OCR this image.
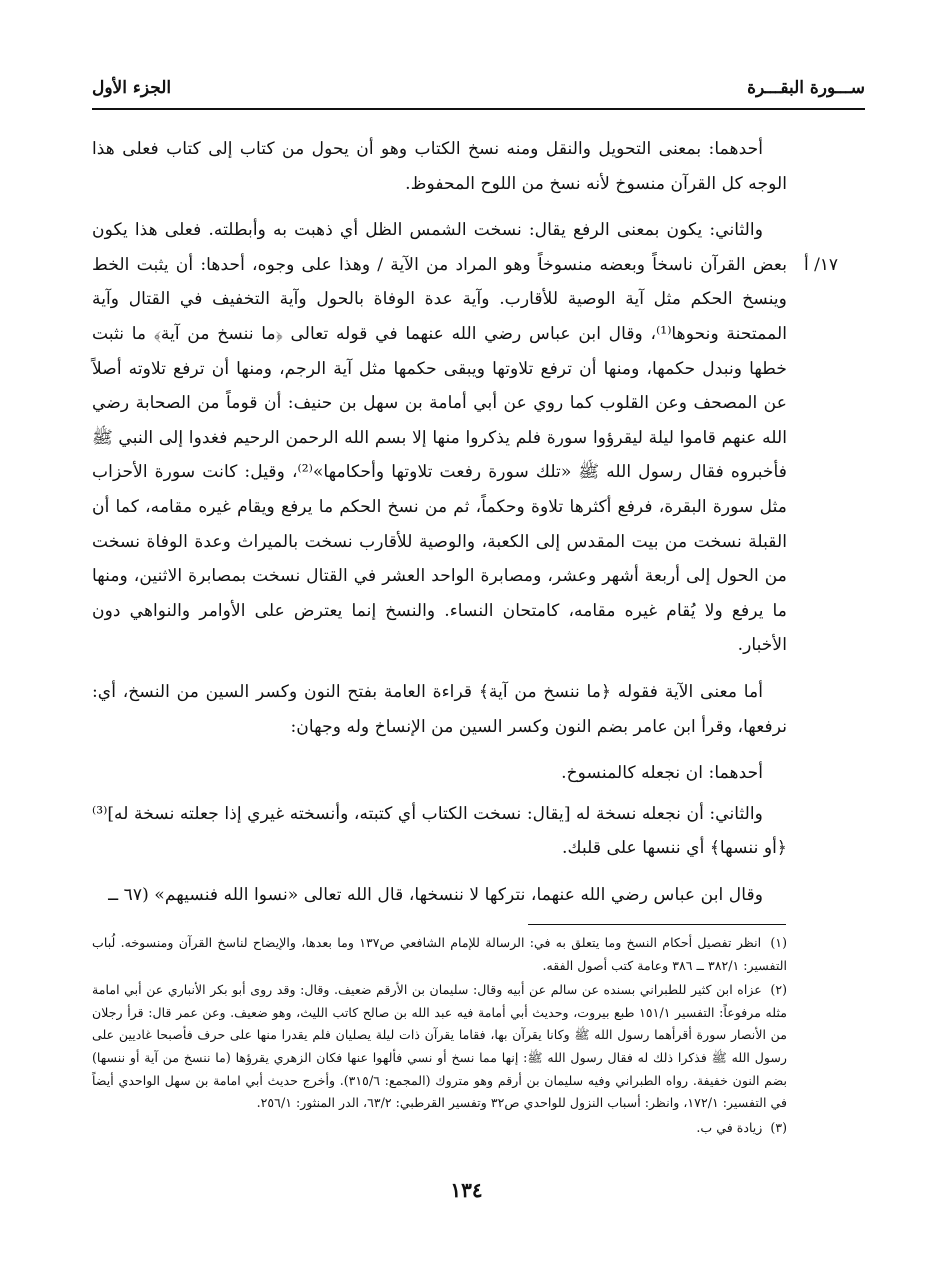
ســـورة البقـــرة
الجزء الأول
١٧/ أ

أحدهما: بمعنى التحويل والنقل ومنه نسخ الكتاب وهو أن يحول من كتاب إلى كتاب فعلى هذا الوجه كل القرآن منسوخ لأنه نسخ من اللوح المحفوظ.

والثاني: يكون بمعنى الرفع يقال: نسخت الشمس الظل أي ذهبت به وأبطلته. فعلى هذا يكون بعض القرآن ناسخاً وبعضه منسوخاً وهو المراد من الآية / وهذا على وجوه، أحدها: أن يثبت الخط وينسخ الحكم مثل آية الوصية للأقارب. وآية عدة الوفاة بالحول وآية التخفيف في القتال وآية الممتحنة ونحوها⁽¹⁾، وقال ابن عباس رضي الله عنهما في قوله تعالى ﴿ما ننسخ من آية﴾ ما نثبت خطها ونبدل حكمها، ومنها أن ترفع تلاوتها ويبقى حكمها مثل آية الرجم، ومنها أن ترفع تلاوته أصلاً عن المصحف وعن القلوب كما روي عن أبي أمامة بن سهل بن حنيف: أن قوماً من الصحابة رضي الله عنهم قاموا ليلة ليقرؤوا سورة فلم يذكروا منها إلا بسم الله الرحمن الرحيم فغدوا إلى النبي ﷺ فأخبروه فقال رسول الله ﷺ «تلك سورة رفعت تلاوتها وأحكامها»⁽²⁾، وقيل: كانت سورة الأحزاب مثل سورة البقرة، فرفع أكثرها تلاوة وحكماً، ثم من نسخ الحكم ما يرفع ويقام غيره مقامه، كما أن القبلة نسخت من بيت المقدس إلى الكعبة، والوصية للأقارب نسخت بالميراث وعدة الوفاة نسخت من الحول إلى أربعة أشهر وعشر، ومصابرة الواحد العشر في القتال نسخت بمصابرة الاثنين، ومنها ما يرفع ولا يُقام غيره مقامه، كامتحان النساء. والنسخ إنما يعترض على الأوامر والنواهي دون الأخبار.

أما معنى الآية فقوله ﴿ما ننسخ من آية﴾ قراءة العامة بفتح النون وكسر السين من النسخ، أي: نرفعها، وقرأ ابن عامر بضم النون وكسر السين من الإنساخ وله وجهان:

أحدهما: ان نجعله كالمنسوخ.

والثاني: أن نجعله نسخة له [يقال: نسخت الكتاب أي كتبته، وأنسخته غيري إذا جعلته نسخة له]⁽³⁾ ﴿أو ننسها﴾ أي ننسها على قلبك.

وقال ابن عباس رضي الله عنهما، نتركها لا ننسخها، قال الله تعالى «نسوا الله فنسيهم» (٦٧ ــ

(١) انظر تفصيل أحكام النسخ وما يتعلق به في: الرسالة للإمام الشافعي ص١٣٧ وما بعدها، والإيضاح لناسخ القرآن ومنسوخه. لُباب التفسير: ٣٨٢/١ ــ ٣٨٦ وعامة كتب أصول الفقه.

(٢) عزاه ابن كثير للطبراني بسنده عن سالم عن أبيه وقال: سليمان بن الأرقم ضعيف. وقال: وقد روى أبو بكر الأنباري عن أبي امامة مثله مرفوعاً: التفسير ١٥١/١ طبع بيروت، وحديث أبي أمامة فيه عبد الله بن صالح كاتب الليث، وهو ضعيف. وعن عمر قال: قرأ رجلان من الأنصار سورة أقرأهما رسول الله ﷺ وكانا يقرآن بها، فقاما يقرآن ذات ليلة يصليان فلم يقدرا منها على حرف فأصبحا غاديين على رسول الله ﷺ فذكرا ذلك له فقال رسول الله ﷺ: إنها مما نسخ أو نسي فألهوا عنها فكان الزهري يقرؤها (ما ننسخ من آية أو ننسها) بضم النون خفيفة. رواه الطبراني وفيه سليمان بن أرقم وهو متروك (المجمع: ٣١٥/٦). وأخرج حديث أبي امامة بن سهل الواحدي أيضاً في التفسير: ١٧٢/١، وانظر: أسباب النزول للواحدي ص٣٢ وتفسير القرطبي: ٦٣/٢، الدر المنثور: ٢٥٦/١.

(٣) زيادة في ب.

١٣٤
